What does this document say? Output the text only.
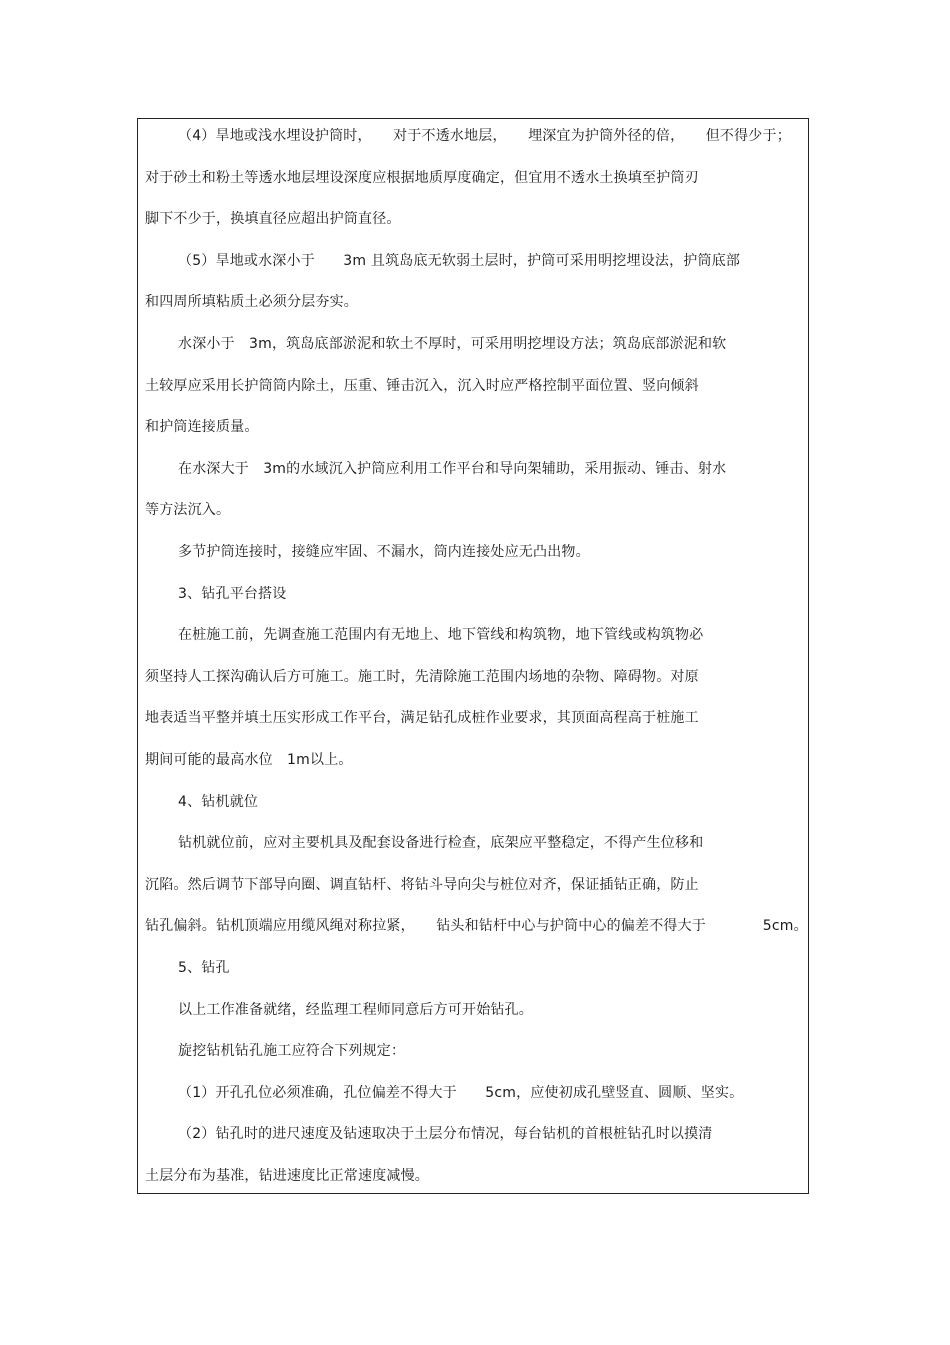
（4）旱地或浅水埋设护筒时，　　对于不透水地层，　　埋深宜为护筒外径的倍，　　但不得少于；
对于砂土和粉土等透水地层埋设深度应根据地质厚度确定，但宜用不透水土换填至护筒刃
脚下不少于，换填直径应超出护筒直径。
（5）旱地或水深小于　　3m 且筑岛底无软弱土层时，护筒可采用明挖埋设法，护筒底部
和四周所填粘质土必须分层夯实。
水深小于　3m，筑岛底部淤泥和软土不厚时，可采用明挖埋设方法；筑岛底部淤泥和软
土较厚应采用长护筒筒内除土，压重、锤击沉入，沉入时应严格控制平面位置、竖向倾斜
和护筒连接质量。
在水深大于　3m的水域沉入护筒应利用工作平台和导向架辅助，采用振动、锤击、射水
等方法沉入。
多节护筒连接时，接缝应牢固、不漏水，筒内连接处应无凸出物。
3、钻孔平台搭设
在桩施工前，先调查施工范围内有无地上、地下管线和构筑物，地下管线或构筑物必
须坚持人工探沟确认后方可施工。施工时，先清除施工范围内场地的杂物、障碍物。对原
地表适当平整并填土压实形成工作平台，满足钻孔成桩作业要求，其顶面高程高于桩施工
期间可能的最高水位　1m以上。
4、钻机就位
钻机就位前，应对主要机具及配套设备进行检查，底架应平整稳定，不得产生位移和
沉陷。然后调节下部导向圈、调直钻杆、将钻斗导向尖与桩位对齐，保证插钻正确，防止
钻孔偏斜。钻机顶端应用缆风绳对称拉紧，　　钻头和钻杆中心与护筒中心的偏差不得大于　　　　5cm。
5、钻孔
以上工作准备就绪，经监理工程师同意后方可开始钻孔。
旋挖钻机钻孔施工应符合下列规定：
（1）开孔孔位必须准确，孔位偏差不得大于　　5cm，应使初成孔壁竖直、圆顺、坚实。
（2）钻孔时的进尺速度及钻速取决于土层分布情况，每台钻机的首根桩钻孔时以摸清
土层分布为基准，钻进速度比正常速度减慢。
